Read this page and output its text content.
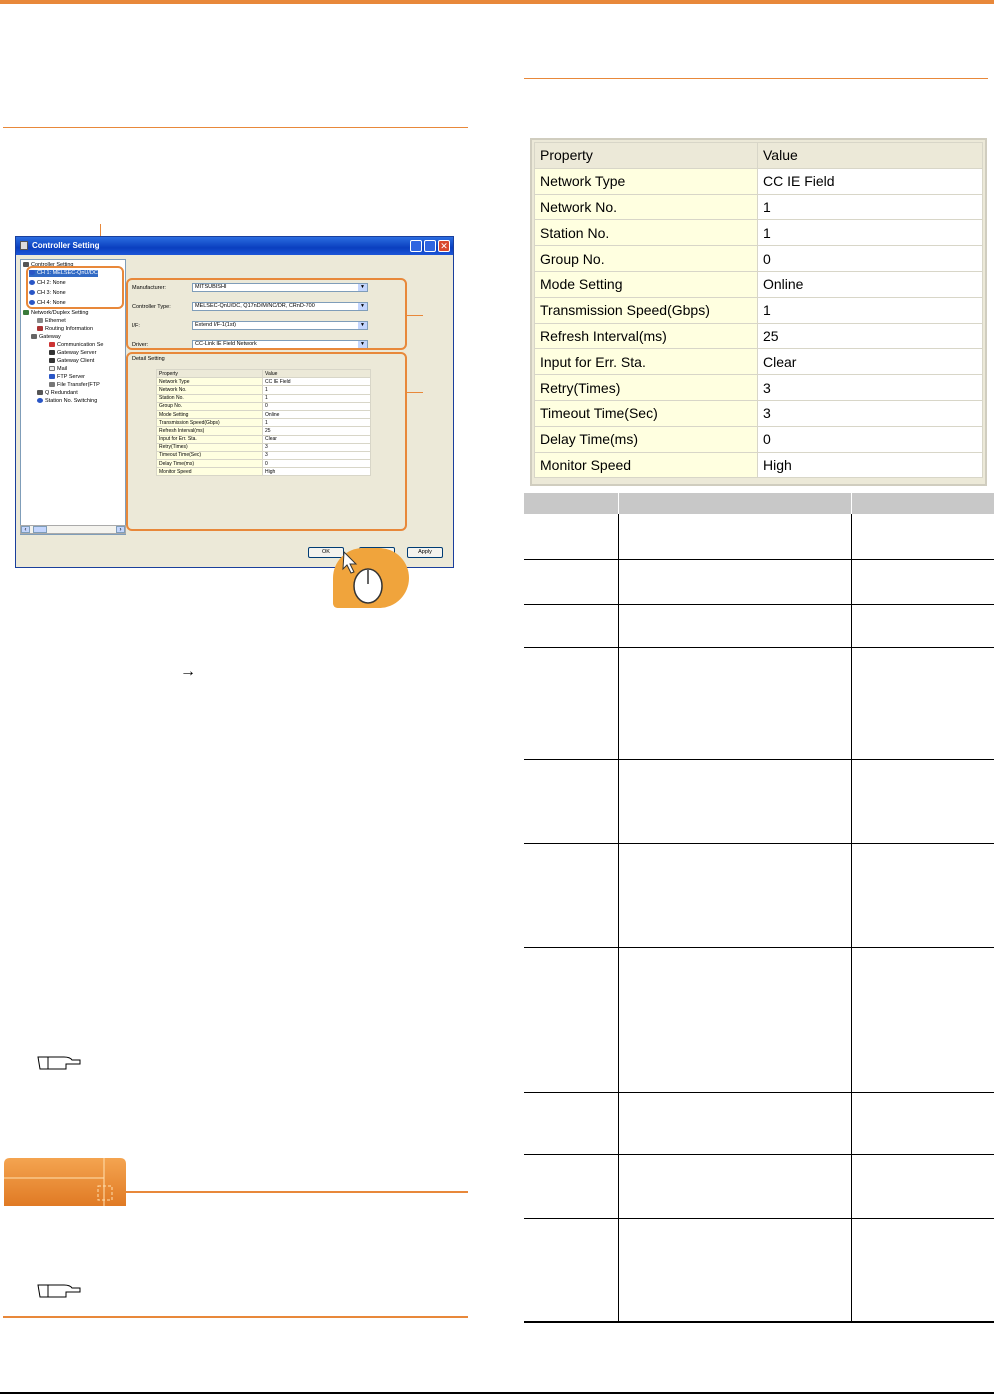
Controller Setting	✕
Controller Setting
CH 1: MELSEC-QnU/DC
CH 2: None
CH 3: None
CH 4: None
Network/Duplex Setting
Ethernet
Routing Information
Gateway
Communication Se
Gateway Server
Gateway Client
Mail
FTP Server
File Transfer(FTP
Q Redundant
Station No. Switching
‹	›
Manufacturer:	MITSUBISHI	▼
Controller Type:	MELSEC-QnU/DC, Q17nD/M/NC/DR, CRnD-700	▼
I/F:	Extend I/F-1(1st)	▼
Driver:	CC-Link IE Field Network	▼
Detail Setting
Property	Value
Network Type	CC IE Field
Network No.	1
Station No.	1
Group No.	0
Mode Setting	Online
Transmission Speed(Gbps)	1
Refresh Interval(ms)	25
Input for Err. Sta.	Clear
Retry(Times)	3
Timeout Time(Sec)	3
Delay Time(ms)	0
Monitor Speed	High
OK	Apply
→
Property	Value
Network Type	CC IE Field
Network No.	1
Station No.	1
Group No.	0
Mode Setting	Online
Transmission Speed(Gbps)	1
Refresh Interval(ms)	25
Input for Err. Sta.	Clear
Retry(Times)	3
Timeout Time(Sec)	3
Delay Time(ms)	0
Monitor Speed	High
